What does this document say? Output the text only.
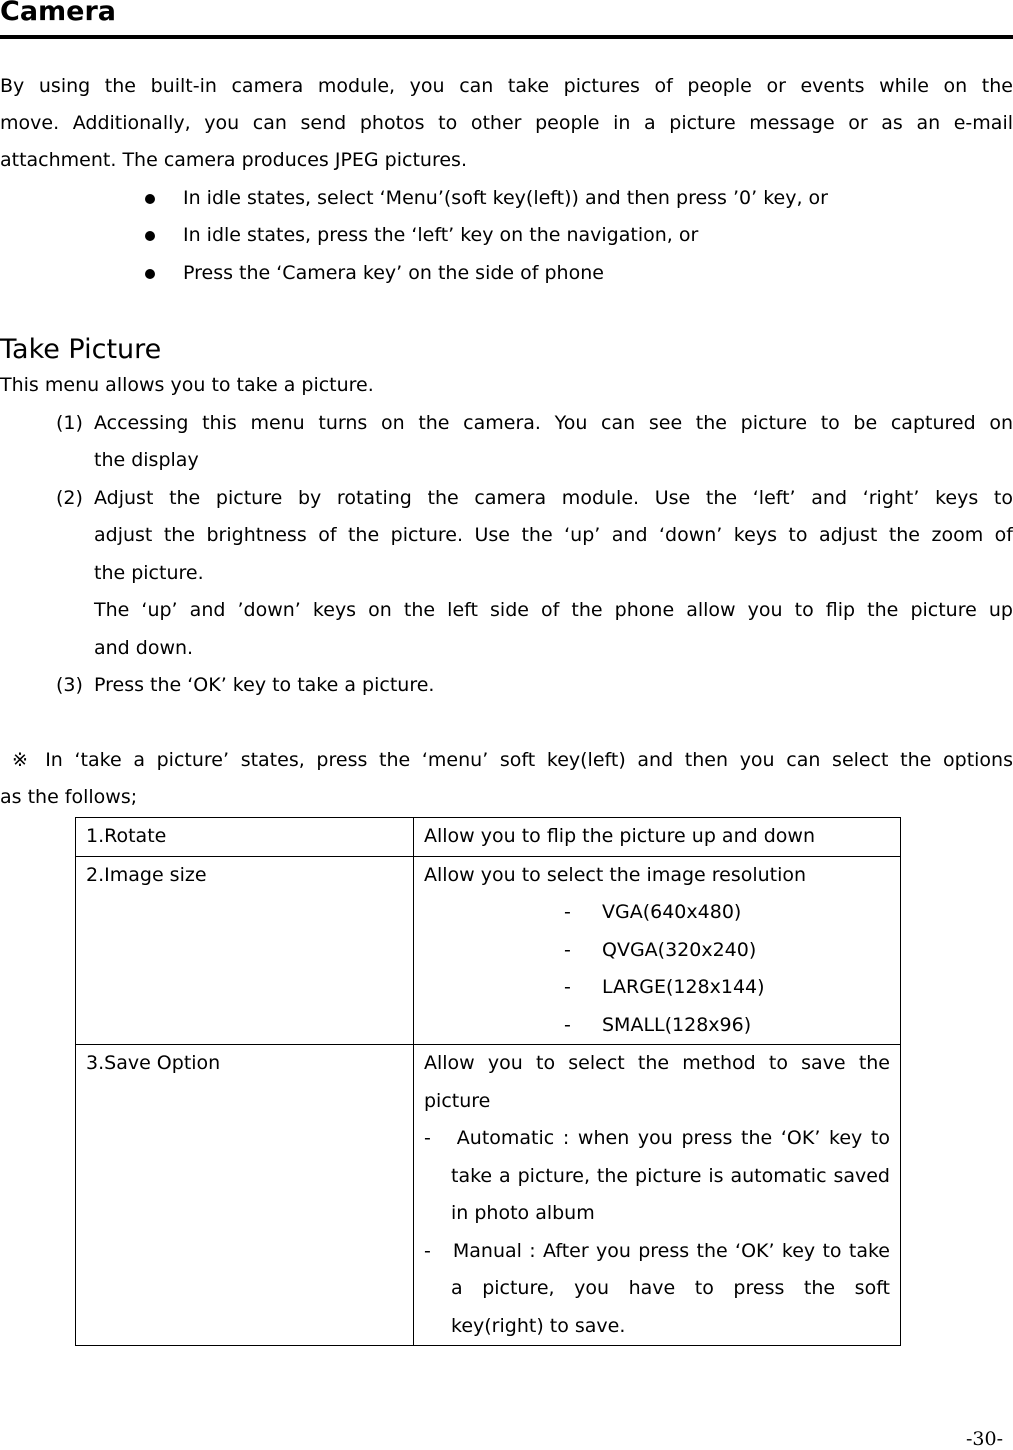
Camera
By using the built-in camera module, you can take pictures of people or events while on the
move. Additionally, you can send photos to other people in a picture message or as an e-mail
attachment. The camera produces JPEG pictures.
In idle states, select ‘Menu’(soft key(left)) and then press ’0’ key, or
In idle states, press the ‘left’ key on the navigation, or
Press the ‘Camera key’ on the side of phone
Take Picture
This menu allows you to take a picture.
(1) Accessing this menu turns on the camera. You can see the picture to be captured on
the display
(2) Adjust the picture by rotating the camera module. Use the ‘left’ and ‘right’ keys to
adjust the brightness of the picture. Use the ‘up’ and ‘down’ keys to adjust the zoom of
the picture.
The ‘up’ and ’down’ keys on the left side of the phone allow you to flip the picture up
and down.
(3) Press the ‘OK’ key to take a picture.
※ In ‘take a picture’ states, press the ‘menu’ soft key(left) and then you can select the options
as the follows;
1.Rotate	Allow you to flip the picture up and down
2.Image size	Allow you to select the image resolution
- VGA(640x480)
- QVGA(320x240)
- LARGE(128x144)
- SMALL(128x96)

3.Save Option	Allow you to select the method to save the picture
-   Automatic : when you press the ‘OK’ key to take a picture, the picture is automatic saved in photo album
-   Manual : After you press the ‘OK’ key to take a picture, you have to press the soft key(right) to save.
-30-
